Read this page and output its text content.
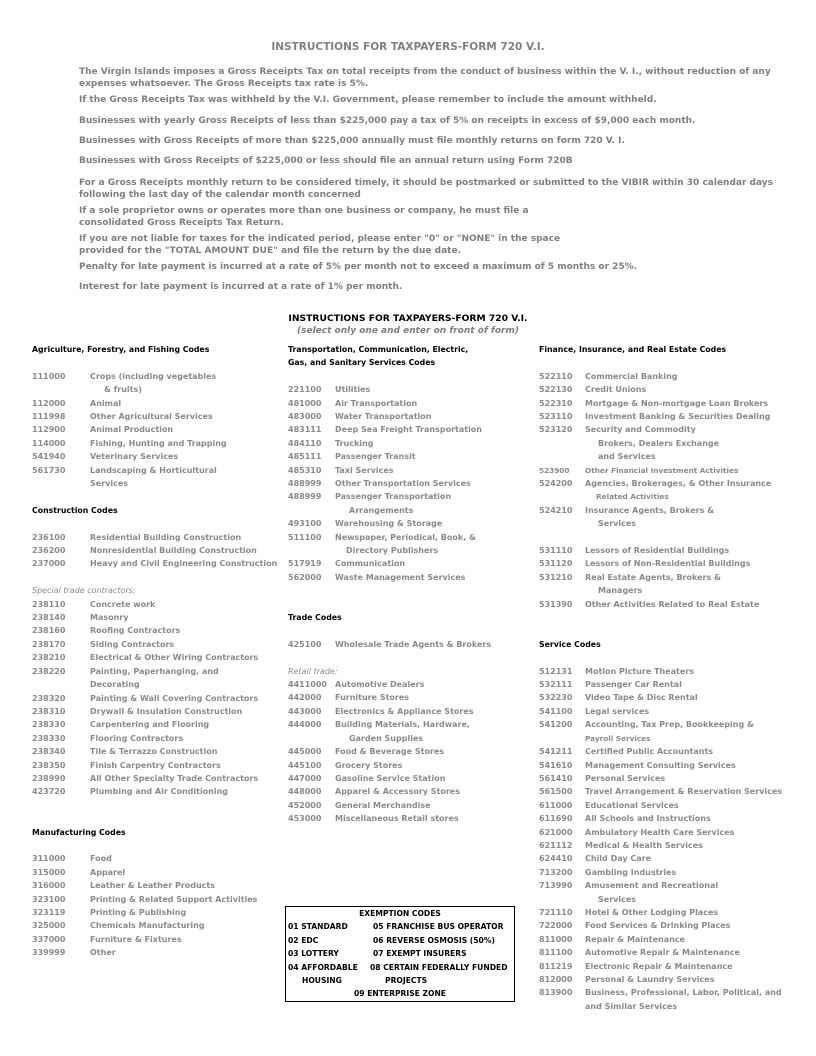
INSTRUCTIONS FOR TAXPAYERS-FORM 720 V.I.
The Virgin Islands imposes a Gross Receipts Tax on total receipts from the conduct of business within the V. I., without reduction of any expenses whatsoever. The Gross Receipts tax rate is 5%.
If the Gross Receipts Tax was withheld by the V.I. Government, please remember to include the amount withheld.
Businesses with yearly Gross Receipts of less than $225,000 pay a tax of 5% on receipts in excess of $9,000 each month.
Businesses with Gross Receipts of more than $225,000 annually must file monthly returns on form 720 V. I.
Businesses with Gross Receipts of $225,000 or less should file an annual return using Form 720B
For a Gross Receipts monthly return to be considered timely, it should be postmarked or submitted to the VIBIR within 30 calendar days following the last day of the calendar month concerned
If a sole proprietor owns or operates more than one business or company, he must file a consolidated Gross Receipts Tax Return.
If you are not liable for taxes for the indicated period, please enter "0" or "NONE" in the space provided for the "TOTAL AMOUNT DUE" and file the return by the due date.
Penalty for late payment is incurred at a rate of 5% per month not to exceed a maximum of 5 months or 25%.
Interest for late payment is incurred at a rate of 1% per month.
INSTRUCTIONS FOR TAXPAYERS-FORM 720 V.I.
(select only one and enter on front of form)
Agriculture, Forestry, and Fishing Codes
111000	Crops (including vegetables
& fruits)
112000	Animal
111998	Other Agricultural Services
112900	Animal Production
114000	Fishing, Hunting and Trapping
541940	Veterinary Services
561730	Landscaping & Horticultural
Services
Construction Codes
236100	Residential Building Construction
236200	Nonresidential Building Construction
237000	Heavy and Civil Engineering Construction
Special trade contractors:
238110	Concrete work
238140	Masonry
238160	Roofing Contractors
238170	Siding Contractors
238210	Electrical & Other Wiring Contractors
238220	Painting, Paperhanging, and
Decorating
238320	Painting & Wall Covering Contractors
238310	Drywall & Insulation Construction
238330	Carpentering and Flooring
238330	Flooring Contractors
238340	Tile & Terrazzo Construction
238350	Finish Carpentry Contractors
238990	All Other Specialty Trade Contractors
423720	Plumbing and Air Conditioning
Manufacturing Codes
311000	Food
315000	Apparel
316000	Leather & Leather Products
323100	Printing & Related Support Activities
323119	Printing & Publishing
325000	Chemicals Manufacturing
337000	Furniture & Fixtures
339999	Other
Transportation, Communication, Electric,
Gas, and Sanitary Services Codes
221100	Utilities
481000	Air Transportation
483000	Water Transportation
483111	Deep Sea Freight Transportation
484110	Trucking
485111	Passenger Transit
485310	Taxi Services
488999	Other Transportation Services
488999	Passenger Transportation
Arrangements
493100	Warehousing & Storage
511100	Newspaper, Periodical, Book, &
Directory Publishers
517919	Communication
562000	Waste Management Services
Trade Codes
425100	Wholesale Trade Agents & Brokers
Retail trade:
4411000	Automotive Dealers
442000	Furniture Stores
443000	Electronics & Appliance Stores
444000	Building Materials, Hardware,
Garden Supplies
445000	Food & Beverage Stores
445100	Grocery Stores
447000	Gasoline Service Station
448000	Apparel & Accessory Stores
452000	General Merchandise
453000	Miscellaneous Retail stores
EXEMPTION CODES
01 STANDARD	05 FRANCHISE BUS OPERATOR
02 EDC	06 REVERSE OSMOSIS (50%)
03 LOTTERY	07 EXEMPT INSURERS
04 AFFORDABLE	08 CERTAIN FEDERALLY FUNDED
HOUSING	PROJECTS
09 ENTERPRISE ZONE
Finance, Insurance, and Real Estate Codes
522110	Commercial Banking
522130	Credit Unions
522310	Mortgage & Non-mortgage Loan Brokers
523110	Investment Banking & Securities Dealing
523120	Security and Commodity
Brokers, Dealers Exchange
and Services
523900	Other Financial Investment Activities
524200	Agencies, Brokerages, & Other Insurance
Related Activities
524210	Insurance Agents, Brokers &
Services
531110	Lessors of Residential Buildings
531120	Lessors of Non-Residential Buildings
531210	Real Estate Agents, Brokers &
Managers
531390	Other Activities Related to Real Estate
Service Codes
512131	Motion Picture Theaters
532111	Passenger Car Rental
532230	Video Tape & Disc Rental
541100	Legal services
541200	Accounting, Tax Prep, Bookkeeping &
Payroll Services
541211	Certified Public Accountants
541610	Management Consulting Services
561410	Personal Services
561500	Travel Arrangement & Reservation Services
611000	Educational Services
611690	All Schools and Instructions
621000	Ambulatory Health Care Services
621112	Medical & Health Services
624410	Child Day Care
713200	Gambling Industries
713990	Amusement and Recreational
Services
721110	Hotel & Other Lodging Places
722000	Food Services & Drinking Places
811000	Repair & Maintenance
811100	Automotive Repair & Maintenance
811219	Electronic Repair & Maintenance
812000	Personal & Laundry Services
813900	Business, Professional, Labor, Political, and
and Similar Services
